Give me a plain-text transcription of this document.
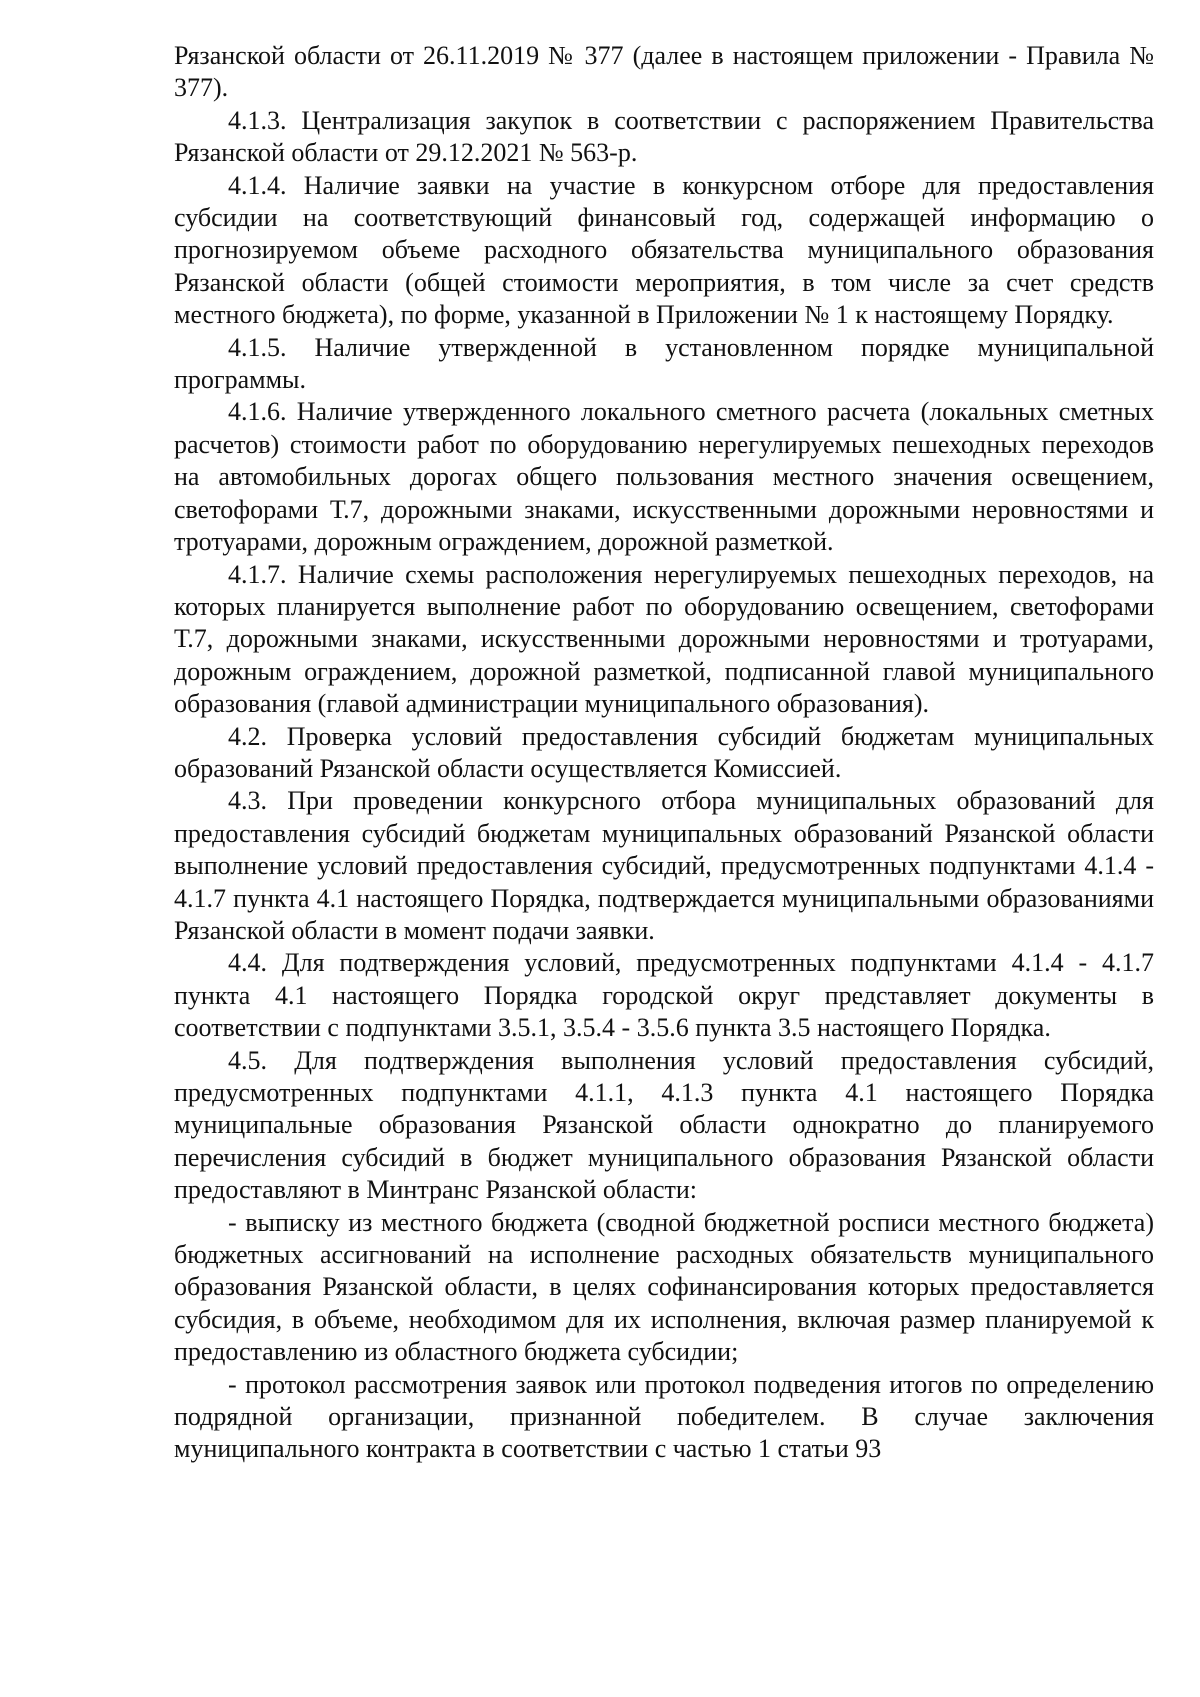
Рязанской области от 26.11.2019 № 377 (далее в настоящем приложении - Правила № 377).

4.1.3. Централизация закупок в соответствии с распоряжением Правительства Рязанской области от 29.12.2021 № 563-р.

4.1.4. Наличие заявки на участие в конкурсном отборе для предоставления субсидии на соответствующий финансовый год, содержащей информацию о прогнозируемом объеме расходного обязательства муниципального образования Рязанской области (общей стоимости мероприятия, в том числе за счет средств местного бюджета), по форме, указанной в Приложении № 1 к настоящему Порядку.

4.1.5. Наличие утвержденной в установленном порядке муниципальной программы.

4.1.6. Наличие утвержденного локального сметного расчета (локальных сметных расчетов) стоимости работ по оборудованию нерегулируемых пешеходных переходов на автомобильных дорогах общего пользования местного значения освещением, светофорами Т.7, дорожными знаками, искусственными дорожными неровностями и тротуарами, дорожным ограждением, дорожной разметкой.

4.1.7. Наличие схемы расположения нерегулируемых пешеходных переходов, на которых планируется выполнение работ по оборудованию освещением, светофорами Т.7, дорожными знаками, искусственными дорожными неровностями и тротуарами, дорожным ограждением, дорожной разметкой, подписанной главой муниципального образования (главой администрации муниципального образования).

4.2. Проверка условий предоставления субсидий бюджетам муниципальных образований Рязанской области осуществляется Комиссией.

4.3. При проведении конкурсного отбора муниципальных образований для предоставления субсидий бюджетам муниципальных образований Рязанской области выполнение условий предоставления субсидий, предусмотренных подпунктами 4.1.4 - 4.1.7 пункта 4.1 настоящего Порядка, подтверждается муниципальными образованиями Рязанской области в момент подачи заявки.

4.4. Для подтверждения условий, предусмотренных подпунктами 4.1.4 - 4.1.7 пункта 4.1 настоящего Порядка городской округ представляет документы в соответствии с подпунктами 3.5.1, 3.5.4 - 3.5.6 пункта 3.5 настоящего Порядка.

4.5. Для подтверждения выполнения условий предоставления субсидий, предусмотренных подпунктами 4.1.1, 4.1.3 пункта 4.1 настоящего Порядка муниципальные образования Рязанской области однократно до планируемого перечисления субсидий в бюджет муниципального образования Рязанской области предоставляют в Минтранс Рязанской области:

- выписку из местного бюджета (сводной бюджетной росписи местного бюджета) бюджетных ассигнований на исполнение расходных обязательств муниципального образования Рязанской области, в целях софинансирования которых предоставляется субсидия, в объеме, необходимом для их исполнения, включая размер планируемой к предоставлению из областного бюджета субсидии;

- протокол рассмотрения заявок или протокол подведения итогов по определению подрядной организации, признанной победителем. В случае заключения муниципального контракта в соответствии с частью 1 статьи 93
